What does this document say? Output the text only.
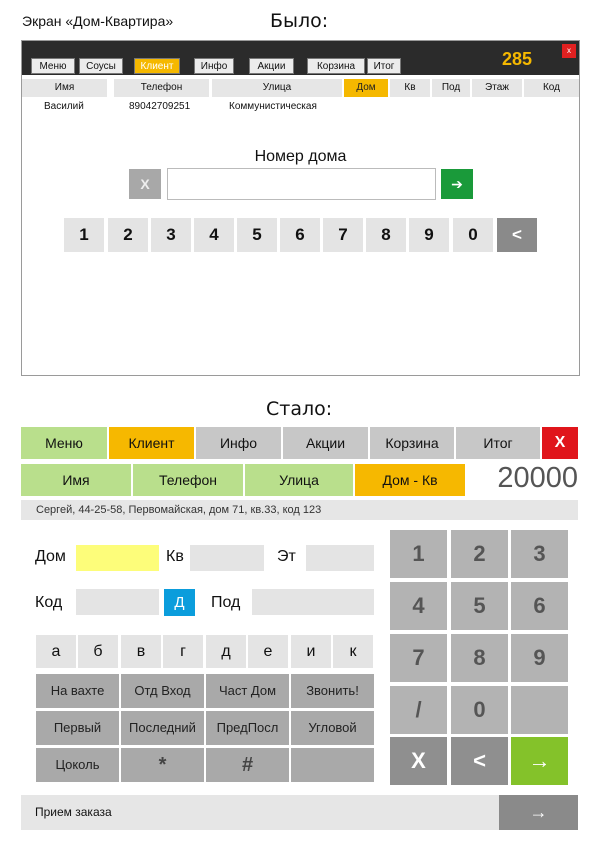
Экран «Дом-Квартира»	Было:
Стало:
Меню	Соусы	Клиент	Инфо	Акции	Корзина	Итог	285	x
Имя	Телефон	Улица	Дом	Кв	Под	Этаж	Код
Василий	89042709251	Коммунистическая
Номер дома
X	➔
1	2	3	4	5	6	7	8	9	0	<
Меню	Клиент	Инфо	Акции	Корзина	Итог	X
Имя	Телефон	Улица	Дом - Кв	20000
Сергей, 44-25-58, Первомайская, дом 71, кв.33, код 123
Дом	Кв	Эт
Код	Д	Под
а	б	в	г	д	е	и	к
На вахте	Отд Вход	Част Дом	Звонить!
Первый	Последний	ПредПосл	Угловой
Цоколь	*	#
1	2	3
4	5	6
7	8	9
/	0
X	<	→
Прием заказа	→
